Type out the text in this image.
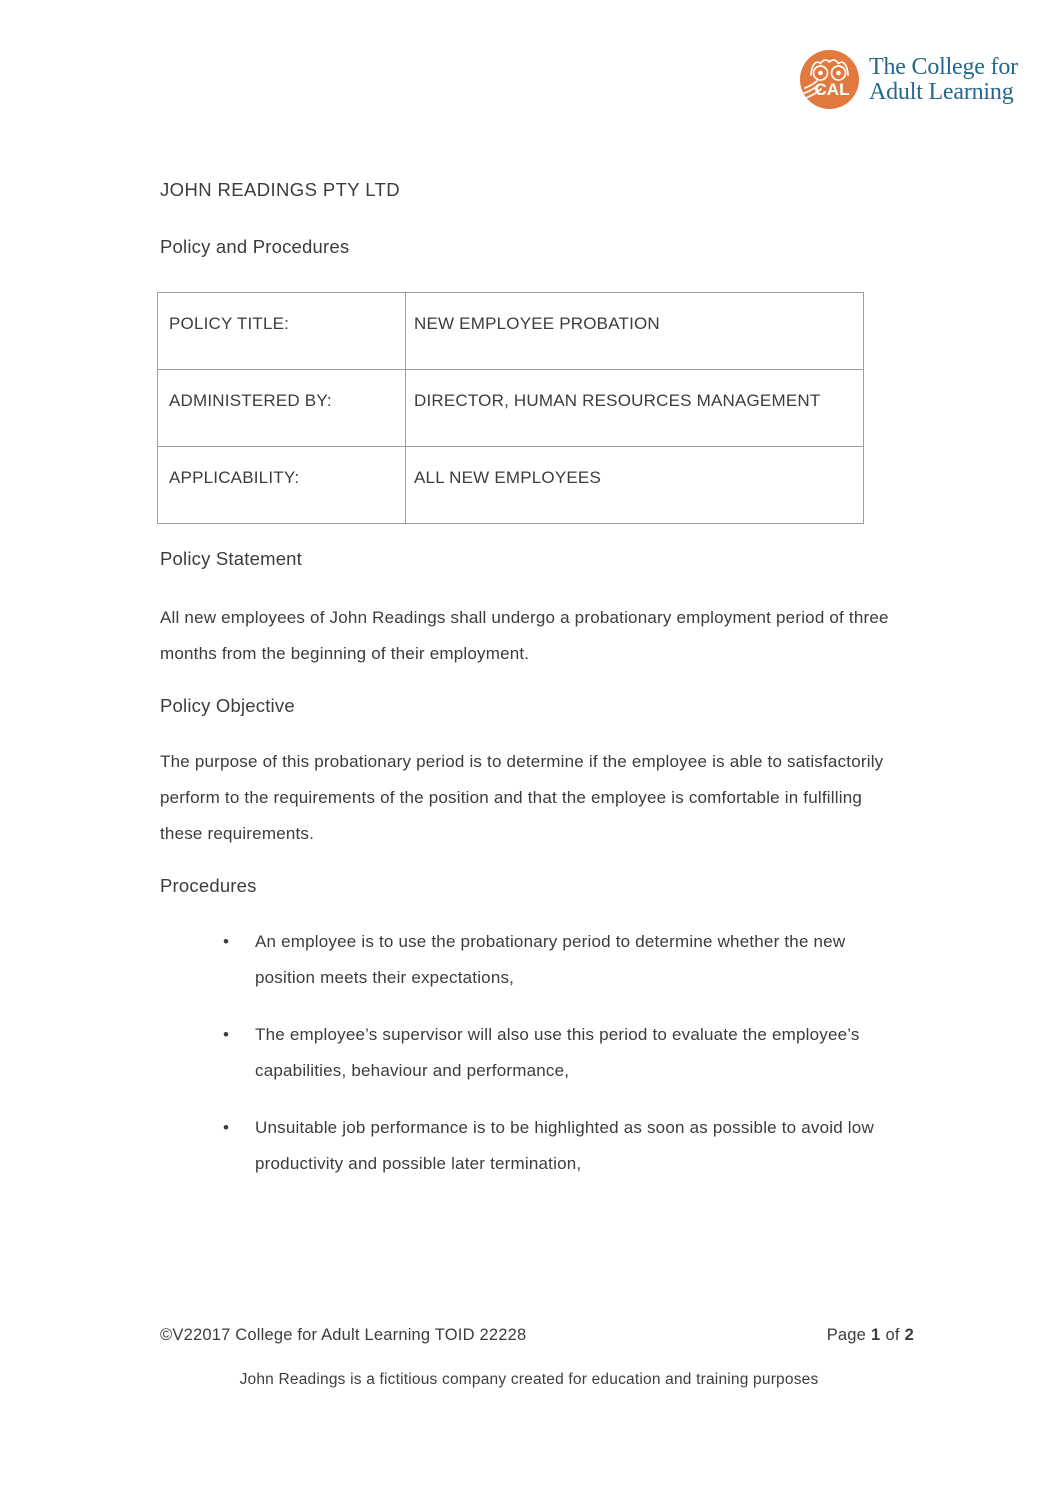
CAL
The College for
Adult Learning
JOHN READINGS PTY LTD
Policy and Procedures
POLICY TITLE:	NEW EMPLOYEE PROBATION
ADMINISTERED BY:	DIRECTOR, HUMAN RESOURCES MANAGEMENT
APPLICABILITY:	ALL NEW EMPLOYEES
Policy Statement
All new employees of John Readings shall undergo a probationary employment period of three months from the beginning of their employment.
Policy Objective
The purpose of this probationary period is to determine if the employee is able to satisfactorily perform to the requirements of the position and that the employee is comfortable in fulfilling these requirements.
Procedures
•	An employee is to use the probationary period to determine whether the new position meets their expectations,
•	The employee’s supervisor will also use this period to evaluate the employee’s capabilities, behaviour and performance,
•	Unsuitable job performance is to be highlighted as soon as possible to avoid low productivity and possible later termination,
©V22017 College for Adult Learning TOID 22228	Page 1 of 2
John Readings is a fictitious company created for education and training purposes
